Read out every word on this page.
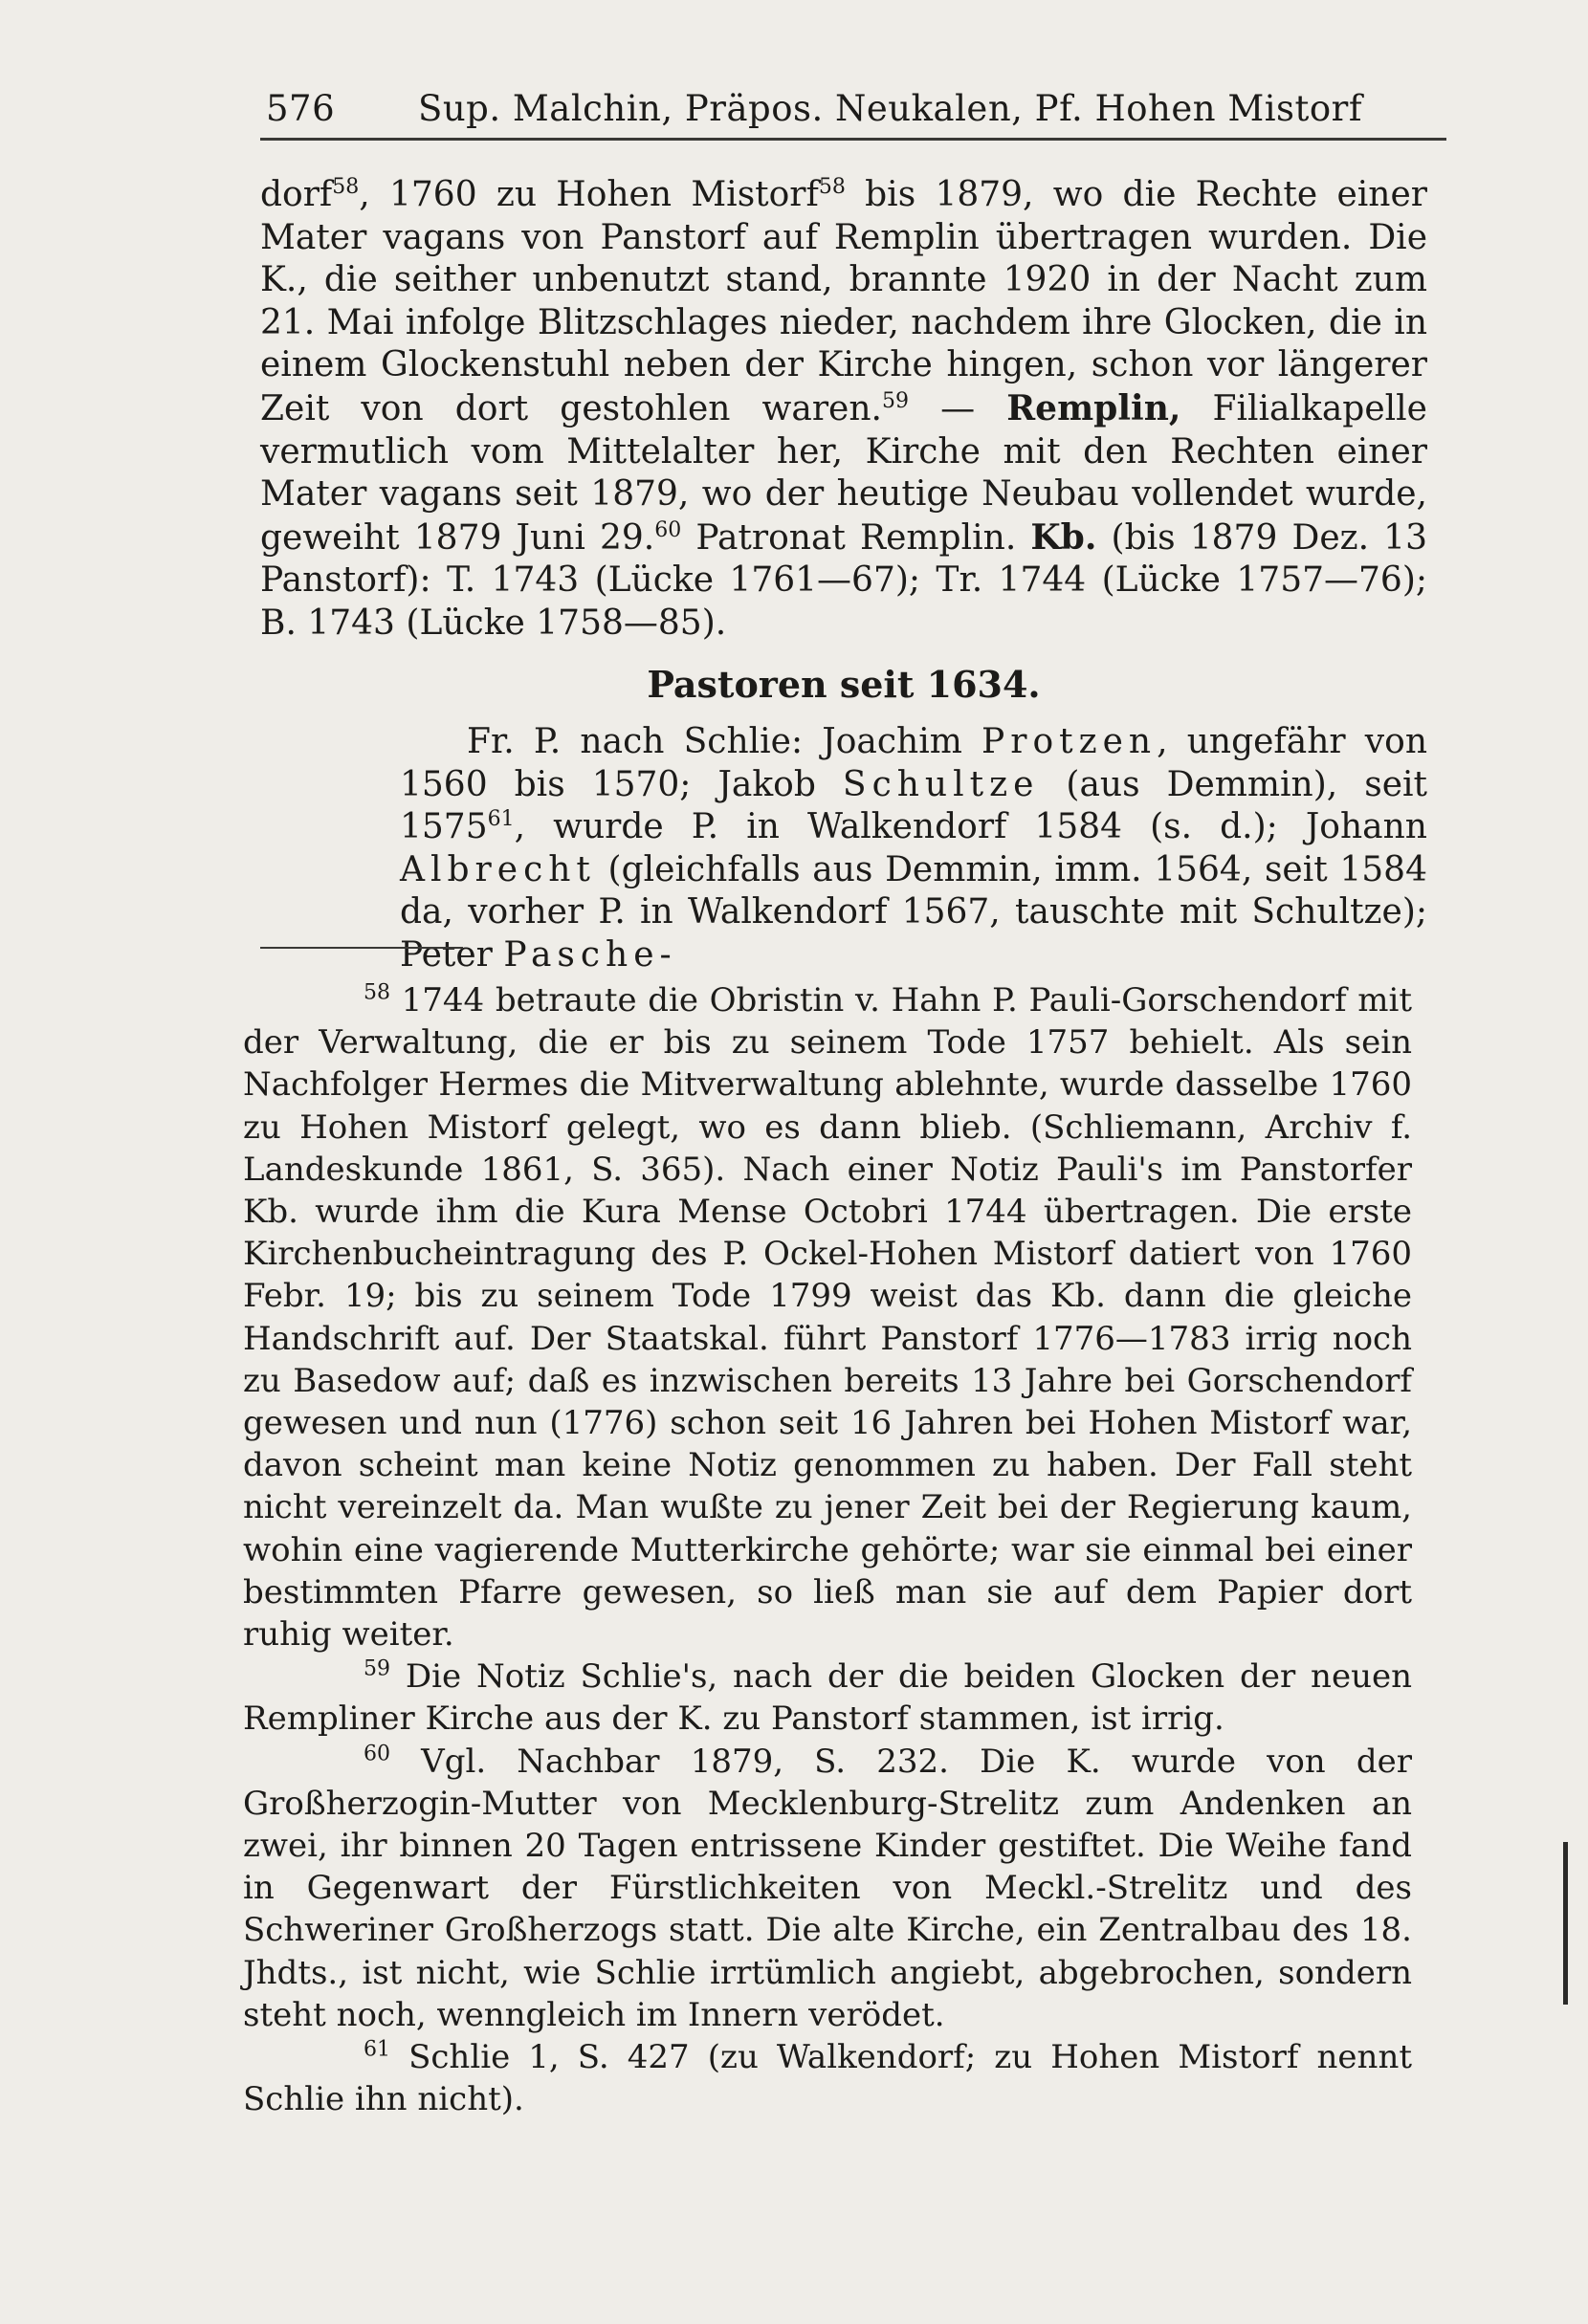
576 Sup. Malchin, Präpos. Neukalen, Pf. Hohen Mistorf

dorf$^{58}$, 1760 zu Hohen Mistorf$^{58}$ bis 1879, wo die Rechte einer Mater vagans von Panstorf auf Remplin übertragen wurden. Die K., die seither unbenutzt stand, brannte 1920 in der Nacht zum 21. Mai infolge Blitzschlages nieder, nachdem ihre Glocken, die in einem Glockenstuhl neben der Kirche hingen, schon vor längerer Zeit von dort gestohlen waren.$^{59}$ — Remplin, Filialkapelle vermutlich vom Mittelalter her, Kirche mit den Rechten einer Mater vagans seit 1879, wo der heutige Neubau vollendet wurde, geweiht 1879 Juni 29.60 Patronat Remplin. Kb. (bis 1879 Dez. 13 Panstorf): T. 1743 (Lücke 1761—67); Tr. 1744 (Lücke 1757—76); B. 1743 (Lücke 1758—85).

Pastoren seit 1634.

Fr. P. nach Schlie: Joachim Protzen, ungefähr von 1560 bis 1570; Jakob Schultze (aus Demmin), seit 1575$^{61}$, wurde P. in Walkendorf 1584 (s. d.); Johann Albrecht (gleichfalls aus Demmin, imm. 1564, seit 1584 da, vorher P. in Walkendorf 1567, tauschte mit Schultze); Peter Pasche-

$^{58}$ 1744 betraute die Obristin v. Hahn P. Pauli-Gorschendorf mit der Verwaltung, die er bis zu seinem Tode 1757 behielt. Als sein Nachfolger Hermes die Mitverwaltung ablehnte, wurde dasselbe 1760 zu Hohen Mistorf gelegt, wo es dann blieb. (Schliemann, Archiv f. Landeskunde 1861, S. 365). Nach einer Notiz Pauli's im Panstorfer Kb. wurde ihm die Kura Mense Octobri 1744 übertragen. Die erste Kirchenbucheintragung des P. Ockel-Hohen Mistorf datiert von 1760 Febr. 19; bis zu seinem Tode 1799 weist das Kb. dann die gleiche Handschrift auf. Der Staatskal. führt Panstorf 1776—1783 irrig noch zu Basedow auf; daß es inzwischen bereits 13 Jahre bei Gorschendorf gewesen und nun (1776) schon seit 16 Jahren bei Hohen Mistorf war, davon scheint man keine Notiz genommen zu haben. Der Fall steht nicht vereinzelt da. Man wußte zu jener Zeit bei der Regierung kaum, wohin eine vagierende Mutterkirche gehörte; war sie einmal bei einer bestimmten Pfarre gewesen, so ließ man sie auf dem Papier dort ruhig weiter.

$^{59}$ Die Notiz Schlie's, nach der die beiden Glocken der neuen Rempliner Kirche aus der K. zu Panstorf stammen, ist irrig.

$^{60}$ Vgl. Nachbar 1879, S. 232. Die K. wurde von der Großherzogin-Mutter von Mecklenburg-Strelitz zum Andenken an zwei, ihr binnen 20 Tagen entrissene Kinder gestiftet. Die Weihe fand in Gegenwart der Fürstlichkeiten von Meckl.-Strelitz und des Schweriner Großherzogs statt. Die alte Kirche, ein Zentralbau des 18. Jhdts., ist nicht, wie Schlie irrtümlich angiebt, abgebrochen, sondern steht noch, wenngleich im Innern verödet.

$^{61}$ Schlie 1, S. 427 (zu Walkendorf; zu Hohen Mistorf nennt Schlie ihn nicht).
